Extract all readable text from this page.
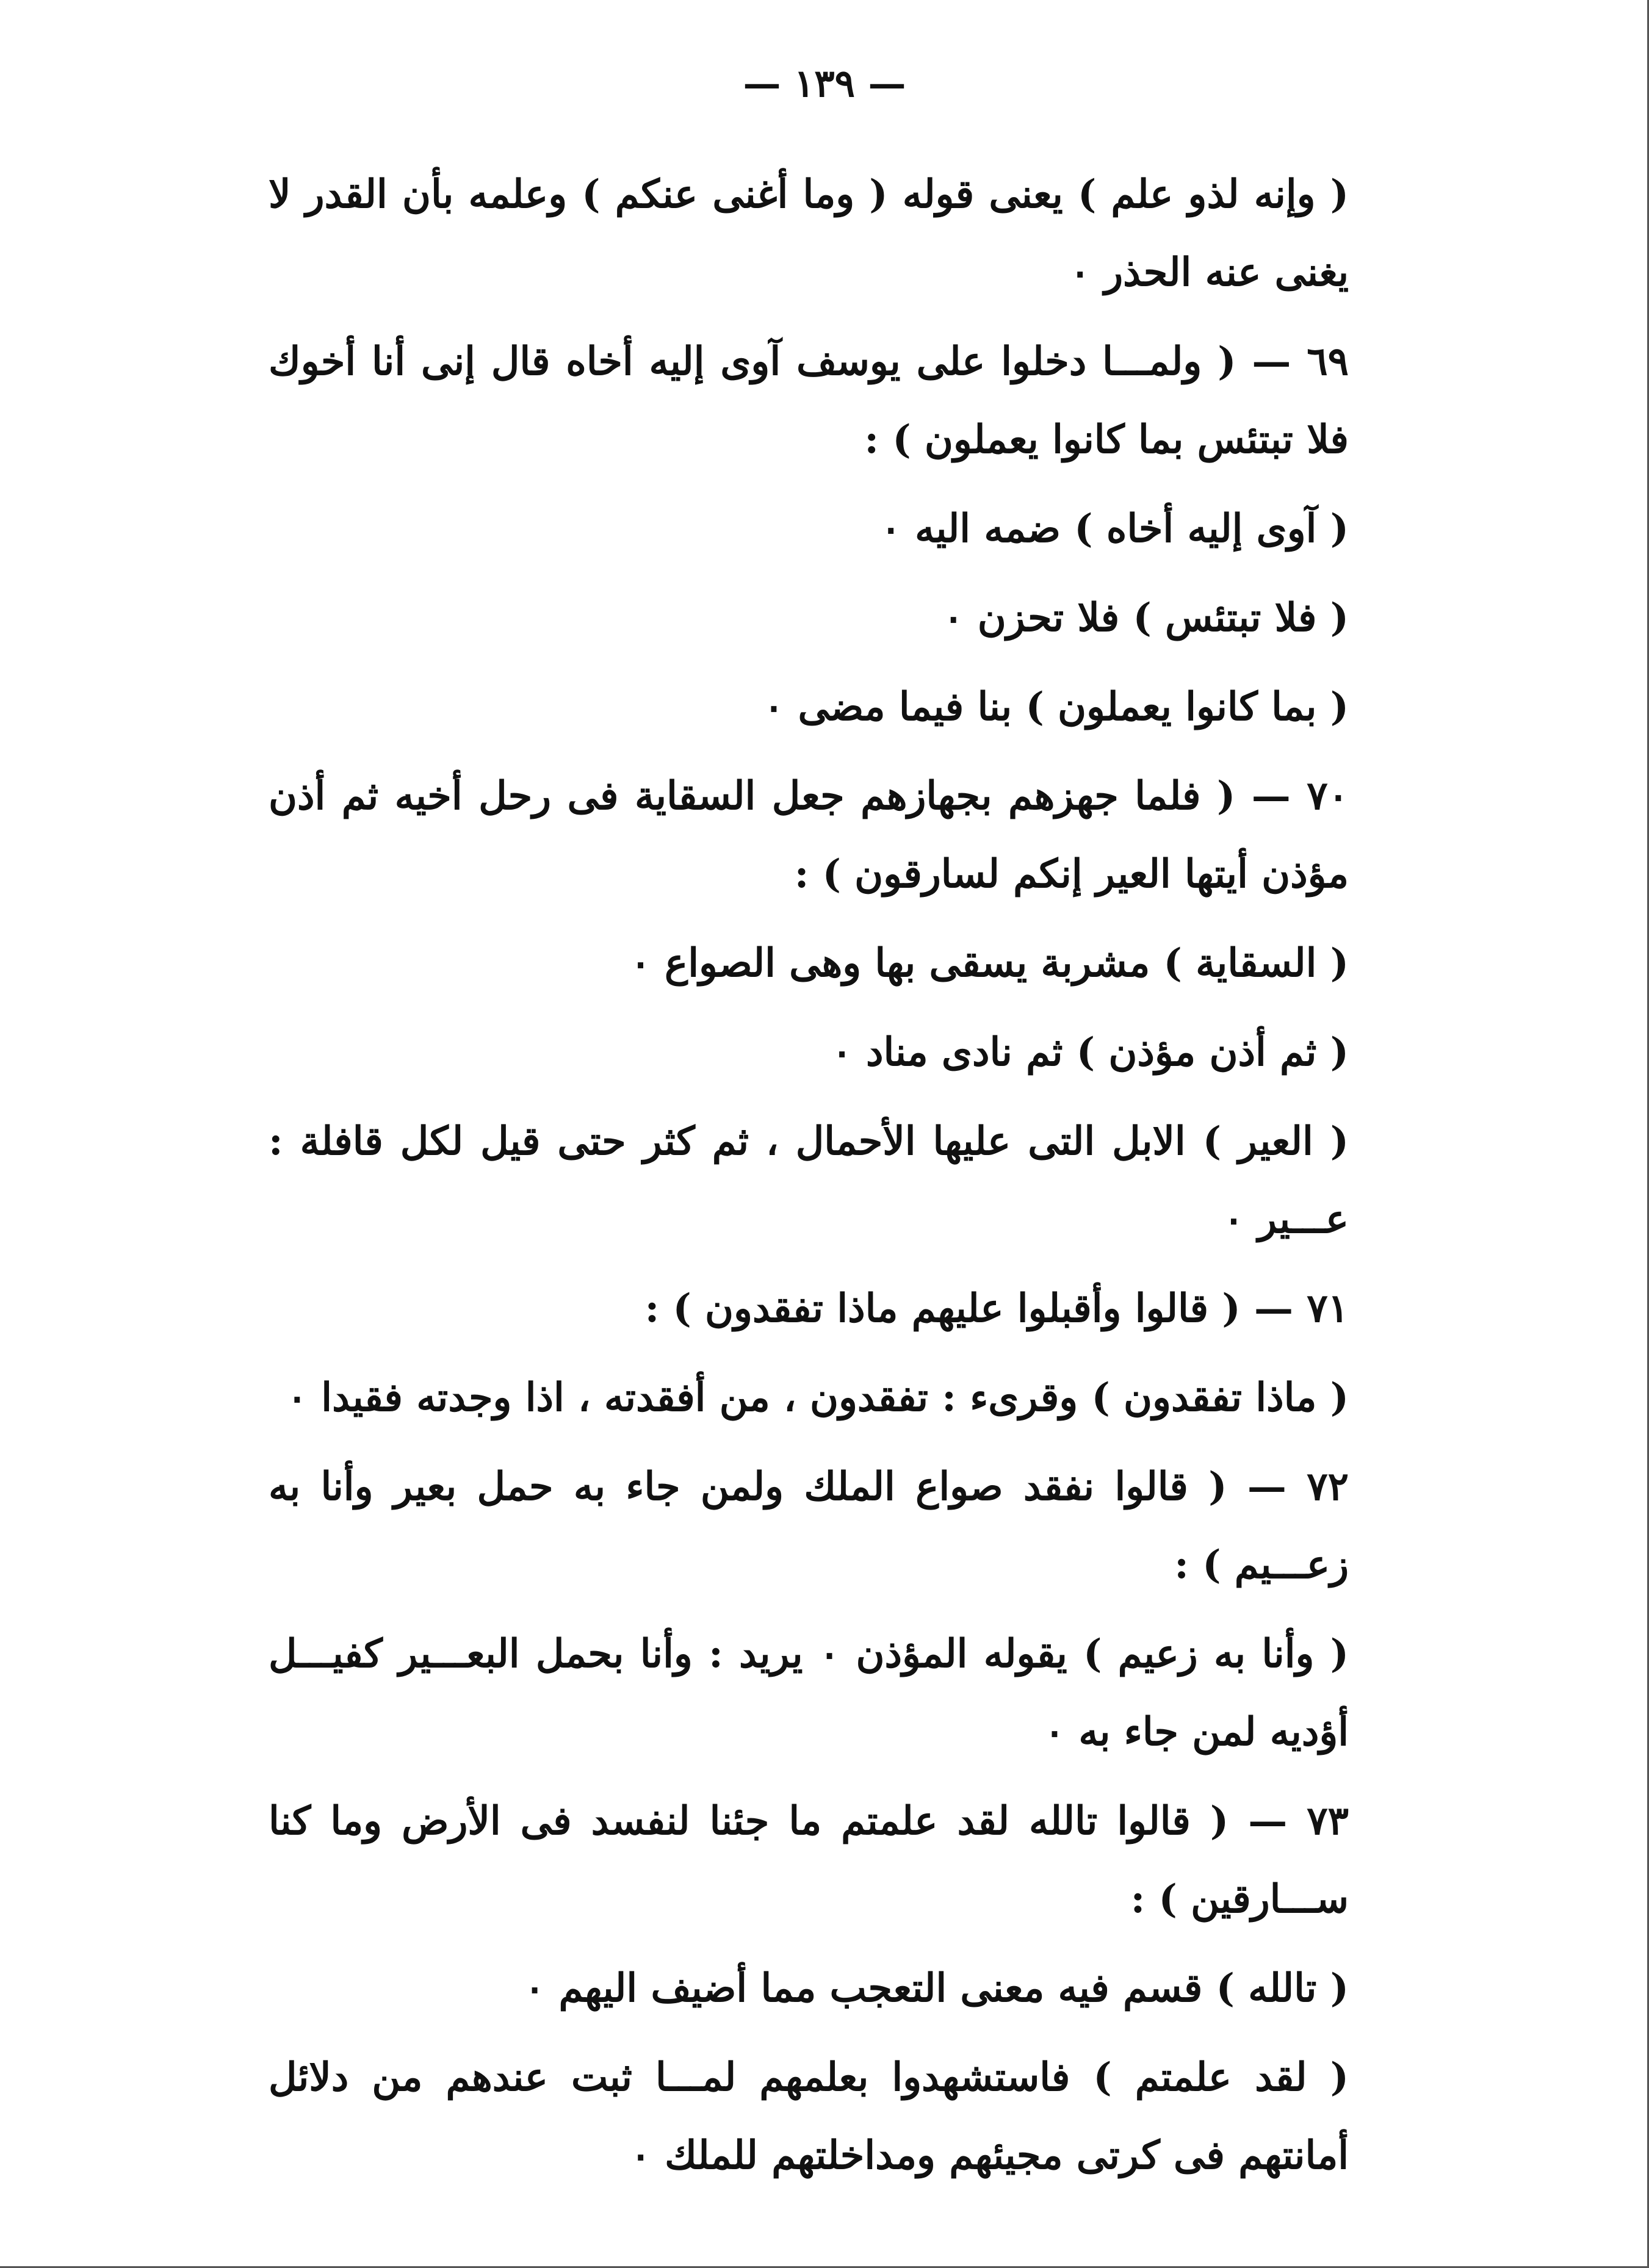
— ١٣٩ —

( وإنه لذو علم ) يعنى قوله ( وما أغنى عنكم ) وعلمه بأن القدر لا يغنى عنه الحذر ٠

٦٩ — ( ولمـــا دخلوا على يوسف آوى إليه أخاه قال إنى أنا أخوك فلا تبتئس بما كانوا يعملون ) :

( آوى إليه أخاه ) ضمه اليه ٠

( فلا تبتئس ) فلا تحزن ٠

( بما كانوا يعملون ) بنا فيما مضى ٠

٧٠ — ( فلما جهزهم بجهازهم جعل السقاية فى رحل أخيه ثم أذن مؤذن أيتها العير إنكم لسارقون ) :

( السقاية ) مشربة يسقى بها وهى الصواع ٠

( ثم أذن مؤذن ) ثم نادى مناد ٠

( العير ) الابل التى عليها الأحمال ، ثم كثر حتى قيل لكل قافلة : عـــير ٠

٧١ — ( قالوا وأقبلوا عليهم ماذا تفقدون ) :

( ماذا تفقدون ) وقرىء : تفقدون ، من أفقدته ، اذا وجدته فقيدا ٠

٧٢ — ( قالوا نفقد صواع الملك ولمن جاء به حمل بعير وأنا به زعـــيم ) :

( وأنا به زعيم ) يقوله المؤذن ٠ يريد : وأنا بحمل البعـــير كفيـــل أؤديه لمن جاء به ٠

٧٣ — ( قالوا تالله لقد علمتم ما جئنا لنفسد فى الأرض وما كنا ســـارقين ) :

( تالله ) قسم فيه معنى التعجب مما أضيف اليهم ٠

( لقد علمتم ) فاستشهدوا بعلمهم لمـــا ثبت عندهم من دلائل أمانتهم فى كرتى مجيئهم ومداخلتهم للملك ٠
